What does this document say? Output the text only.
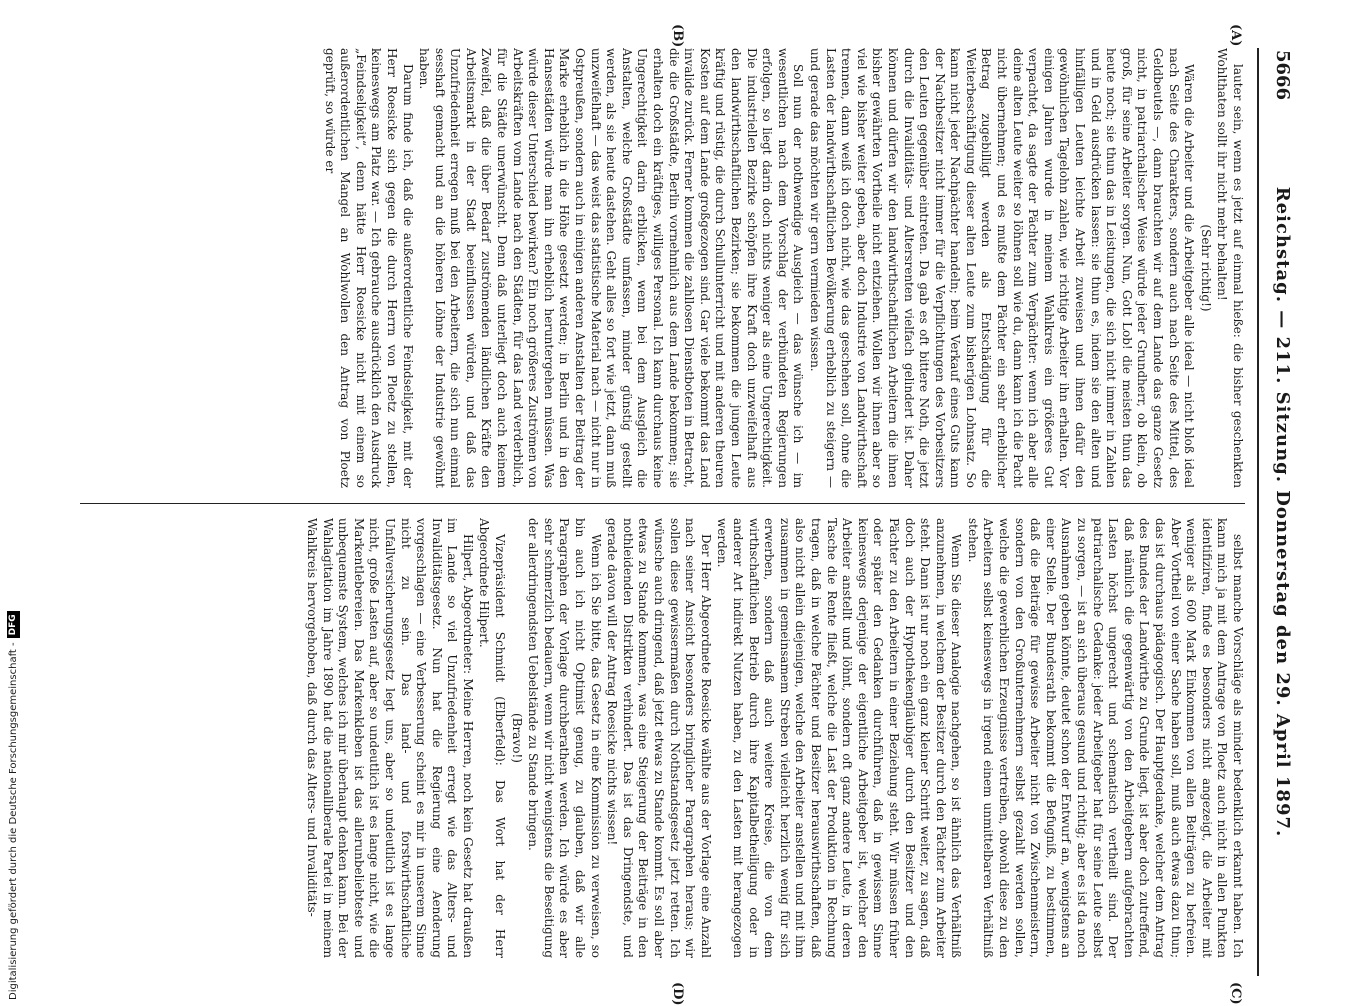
5666
Reichstag. — 211. Sitzung. Donnerstag den 29. April 1897.
(A)
(B)
(C)
(D)

lauter sein, wenn es jetzt auf einmal hieße: die bisher geschenkten Wohlthaten sollt ihr nicht mehr behalten!

(Sehr richtig!)

Wären die Arbeiter und die Arbeitgeber alle ideal — nicht bloß ideal nach Seite des Charakters, sondern auch nach Seite des Mittel, des Geldbeutels —, dann brauchten wir auf dem Lande das ganze Gesetz nicht, in patriarchalischer Weise würde jeder Grundherr, ob klein, ob groß, für seine Arbeiter sorgen. Nun, Gott Lob! die meisten thun das heute noch; sie thun das in Leistungen, die sich nicht immer in Zahlen und in Geld ausdrücken lassen: sie thun es, indem sie den alten und hinfälligen Leuten leichte Arbeit zuweisen und ihnen dafür den gewöhnlichen Tagelohn zahlen, wie richtige Arbeiter ihn erhalten. Vor einigen Jahren wurde in meinem Wahlkreis ein größeres Gut verpachtet, da sagte der Pächter zum Verpächter: wenn ich aber alle deine alten Leute weiter so löhnen soll wie du, dann kann ich die Pacht nicht übernehmen; und es mußte dem Pächter ein sehr erheblicher Betrag zugebilligt werden als Entschädigung für die Weiterbeschäftigung dieser alten Leute zum bisherigen Lohnsatz. So kann nicht jeder Nachpächter handeln; beim Verkauf eines Guts kann der Nachbesitzer nicht immer für die Verpflichtungen des Vorbesitzers den Leuten gegenüber eintreten. Da gab es oft bittere Noth, die jetzt durch die Invaliditäts- und Altersrenten vielfach gelindert ist. Daher können und dürfen wir den landwirthschaftlichen Arbeitern die ihnen bisher gewährten Vortheile nicht entziehen. Wollen wir ihnen aber so viel wie bisher weiter geben, aber doch Industrie von Landwirthschaft trennen, dann weiß ich doch nicht, wie das geschehen soll, ohne die Lasten der landwirthschaftlichen Bevölkerung erheblich zu steigern — und gerade das möchten wir gern vermieden wissen.

Soll nun der nothwendige Ausgleich — das wünsche ich — im wesentlichen nach dem Vorschlag der verbündeten Regierungen erfolgen, so liegt darin doch nichts weniger als eine Ungerechtigkeit. Die industriellen Bezirke schöpfen ihre Kraft doch unzweifelhaft aus den landwirthschaftlichen Bezirken; sie bekommen die jungen Leute kräftig und rüstig, die durch Schullunterricht und mit anderen theuren Kosten auf dem Lande großgezogen sind. Gar viele bekommt das Land invalide zurück. Ferner kommen die zahllosen Dienstboten in Betracht, die die Großstädte, Berlin vornehmlich aus dem Lande bekommen; sie erhalten doch ein kräftiges, williges Personal. Ich kann durchaus keine Ungerechtigkeit darin erblicken, wenn bei dem Ausgleich die Anstalten, welche Großstädte umfassen, minder günstig gestellt werden, als sie heute dastehen. Geht alles so fort wie jetzt, dann muß unzweifelhaft — das weist das statistische Material nach — nicht nur in Ostpreußen, sondern auch in einigen anderen Anstalten der Beitrag der Marke erheblich in die Höhe gesetzt werden; in Berlin und in den Hansestädten würde man ihn erheblich heruntergehen müssen. Was würde dieser Unterschied bewirken? Ein noch größeres Zuströmen von Arbeitskräften vom Lande nach den Städten, für das Land verderblich, für die Städte unerwünscht. Denn daß unterliegt doch auch keinem Zweifel, daß die über Bedarf zuströmenden ländlichen Kräfte den Arbeitsmarkt in der Stadt beeinflussen würden, und daß das Unzufriedenheit erregen muß bei den Arbeitern, die sich nun einmal sesshaft gemacht und an die höheren Löhne der Industrie gewöhnt haben.

Darum finde ich, daß die außerordentliche Feindseligkeit, mit der Herr Roesicke sich gegen die durch Herrn von Ploetz zu stellen, keineswegs am Platz war. — Ich gebrauche ausdrücklich den Ausdruck „Feindseligkeit“, denn hätte Herr Roesicke nicht mit einem so außerordentlichen Mangel an Wohlwollen den Antrag von Ploetz geprüft, so würde er

selbst manche Vorschläge als minder bedenklich erkannt haben. Ich kann mich ja mit dem Antrage von Ploetz auch nicht in allen Punkten identifiziren, finde es besonders nicht angezeigt, die Arbeiter mit weniger als 600 Mark Einkommen von allen Beiträgen zu befreien. Aber Vortheil von einer Sache haben soll, muß auch etwas dazu thun; das ist durchaus pädagogisch. Der Hauptgedanke, welcher dem Antrag des Bundes der Landwirthe zu Grunde liegt, ist aber doch zutreffend, daß nämlich die gegenwärtig von den Arbeitgebern aufgebrachten Lasten höchst ungerecht und schematisch vertheilt sind. Der patriarchalische Gedanke: jeder Arbeitgeber hat für seine Leute selbst zu sorgen, — ist an sich überaus gesund und richtig; aber es ist da noch Ausnahmen geben könnte, deutet schon der Entwurf an, wenigstens an einer Stelle. Der Bundesrath bekommt die Befugniß, zu bestimmen, daß die Beiträge für gewisse Arbeiter nicht von Zwischenmeistern, sondern von den Großunternehmern selbst gezahlt werden sollen, welche die gewerblichen Erzeugnisse vertreiben, obwohl diese zu den Arbeitern selbst keineswegs in irgend einem unmittelbaren Verhältniß stehen.

Wenn Sie dieser Analogie nachgehen, so ist ähnlich das Verhältniß anzunehmen, in welchem der Besitzer durch den Pächter zum Arbeiter steht. Dann ist nur noch ein ganz kleiner Schritt weiter, zu sagen, daß doch auch der Hypothekengläubiger durch den Besitzer und den Pächter zu den Arbeitern in einer Beziehung steht. Wir müssen früher oder später den Gedanken durchführen, daß in gewissem Sinne keineswegs derjenige der eigentliche Arbeitgeber ist, welcher den Arbeiter anstellt und löhnt, sondern oft ganz andere Leute, in deren Tasche die Rente fließt, welche die Last der Produktion in Rechnung tragen, daß in welche Pächter und Besitzer herauswirthschaften, daß also nicht allein diejenigen, welche den Arbeiter anstellen und mit ihm zusammen in gemeinsamem Streben vielleicht herzlich wenig für sich erwerben, sondern daß auch weitere Kreise, die von dem wirthschaftlichen Betrieb durch ihre Kapitalbetheiligung oder in anderer Art indirekt Nutzen haben, zu den Lasten mit herangezogen werden.

Der Herr Abgeordnete Roesicke wählte aus der Vorlage eine Anzahl nach seiner Ansicht besonders bringlicher Paragraphen heraus; wir sollen diese gewissermaßen durch Nothstandsgesetz jetzt retten. Ich wünsche auch dringend, daß jetzt etwas zu Stande kommt. Es soll aber etwas zu Stande kommen, was eine Steigerung der Beiträge in den nothleidenden Distrikten verhindert. Das ist das Dringendste, und gerade davon will der Antrag Roesicke nichts wissen!

Wenn ich Sie bitte, das Gesetz in eine Kommission zu verweisen, so bin auch ich nicht Optimist genug, zu glauben, daß wir alle Paragraphen der Vorlage durchberathen werden. Ich würde es aber sehr schmerzlich bedauern, wenn wir nicht wenigstens die Beseitigung der allerdringendsten Uebelstände zu Stande bringen.

(Bravo!)

Vizepräsident Schmidt (Elberfeld): Das Wort hat der Herr Abgeordnete Hilpert.

Hilpert, Abgeordneter: Meine Herren, noch kein Gesetz hat draußen im Lande so viel Unzufriedenheit erregt wie das Alters- und Invaliditätsgesetz. Nun hat die Regierung eine Aenderung vorgeschlagen — eine Verbesserung scheint es mir in unserem Sinne nicht zu sein. Das land- und forstwirthschaftliche Unfallversicherungsgesetz legt uns, aber so undeutlich ist es lange nicht, große Lasten auf, aber so undeutlich ist es lange nicht, wie die Markentlebereien. Das Markenkleben ist das allerunbeliebteste und unbequemste System, welches ich mir überhaupt denken kann. Bei der Wahlagitation im Jahre 1890 hat die nationalliberale Partei in meinem Wahlkreis hervorgehoben, daß durch das Alters- und Invaliditäts-

Digitalisierung gefördert durch die Deutsche Forschungsgemeinschaft -
DFG
